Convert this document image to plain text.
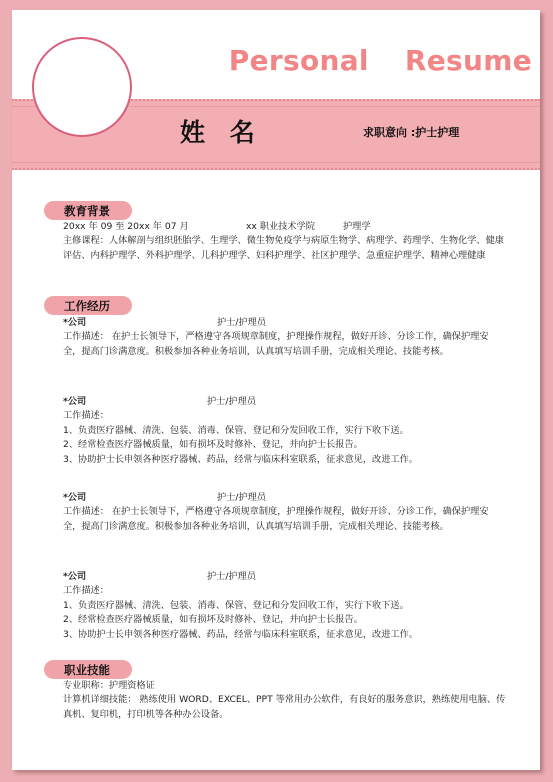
Personal Resume
姓 名	求职意向 :护士护理
教育背景
20xx 年 09 至 20xx 年 07 月	xx 职业技术学院	护理学
主修课程：人体解剖与组织胚胎学、生理学、微生物免疫学与病原生物学、病理学、药理学、生物化学、健康评估、内科护理学、外科护理学、儿科护理学、妇科护理学、社区护理学、急重症护理学、精神心理健康
工作经历
*公司	护士/护理员
工作描述： 在护士长领导下，严格遵守各项规章制度，护理操作规程，做好开诊、分诊工作，确保护理安全，提高门诊满意度。积极参加各种业务培训，认真填写培训手册，完成相关理论、技能考核。
*公司	护士/护理员
工作描述：
1、负责医疗器械、清洗、包装、消毒、保管、登记和分发回收工作，实行下收下送。
2、经常检查医疗器械质量，如有损坏及时修补、登记，并向护士长报告。
3、协助护士长申领各种医疗器械、药品，经常与临床科室联系，征求意见，改进工作。
*公司	护士/护理员
工作描述： 在护士长领导下，严格遵守各项规章制度，护理操作规程，做好开诊、分诊工作，确保护理安全，提高门诊满意度。积极参加各种业务培训，认真填写培训手册，完成相关理论、技能考核。
*公司	护士/护理员
工作描述：
1、负责医疗器械、清洗、包装、消毒、保管、登记和分发回收工作，实行下收下送。
2、经常检查医疗器械质量，如有损坏及时修补、登记，并向护士长报告。
3、协助护士长申领各种医疗器械、药品，经常与临床科室联系，征求意见，改进工作。
职业技能
专业职称：护理资格证
计算机详细技能： 熟练使用 WORD、EXCEL、PPT 等常用办公软件，有良好的服务意识，熟练使用电脑、传真机、复印机，打印机等各种办公设备。
